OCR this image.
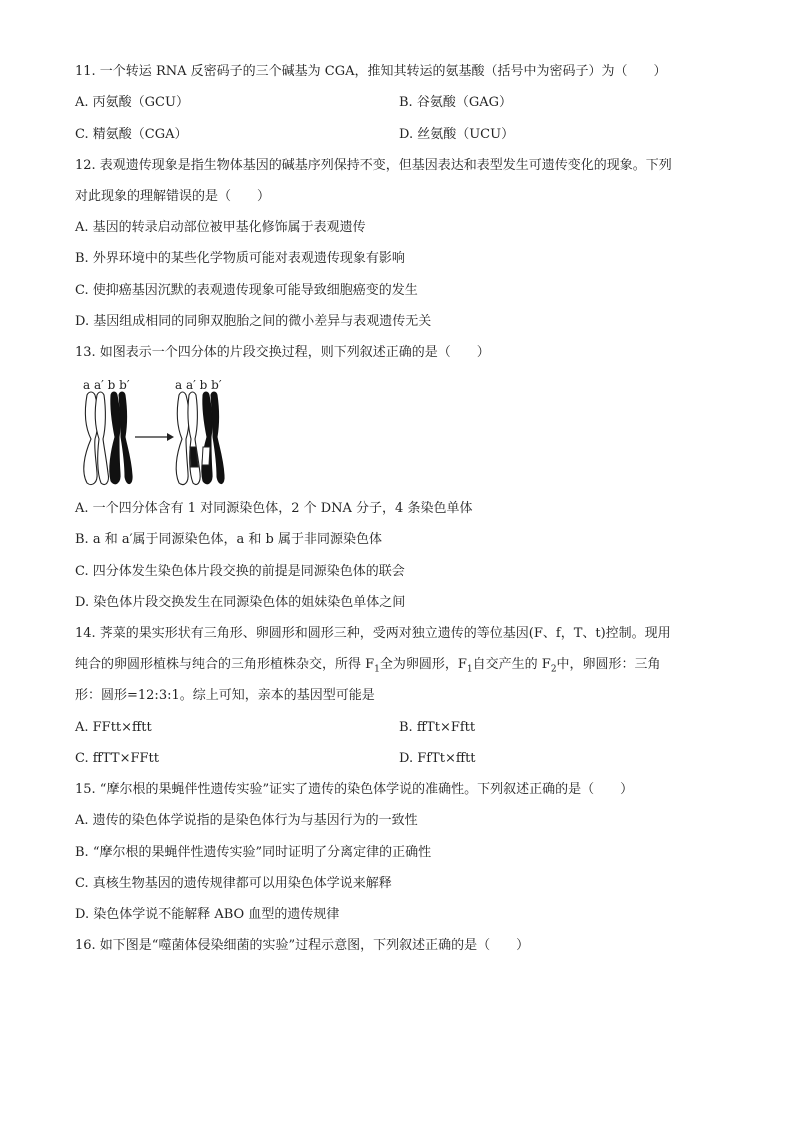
11. 一个转运 RNA 反密码子的三个碱基为 CGA，推知其转运的氨基酸（括号中为密码子）为（　　）
A. 丙氨酸（GCU）	B. 谷氨酸（GAG）
C. 精氨酸（CGA）	D. 丝氨酸（UCU）
12. 表观遗传现象是指生物体基因的碱基序列保持不变，但基因表达和表型发生可遗传变化的现象。下列
对此现象的理解错误的是（　　）
A. 基因的转录启动部位被甲基化修饰属于表观遗传
B. 外界环境中的某些化学物质可能对表观遗传现象有影响
C. 使抑癌基因沉默的表观遗传现象可能导致细胞癌变的发生
D. 基因组成相同的同卵双胞胎之间的微小差异与表观遗传无关
13. 如图表示一个四分体的片段交换过程，则下列叙述正确的是（　　）
a a′ b b′	a a′ b b′
A. 一个四分体含有 1 对同源染色体，2 个 DNA 分子，4 条染色单体
B. a 和 a′属于同源染色体，a 和 b 属于非同源染色体
C. 四分体发生染色体片段交换的前提是同源染色体的联会
D. 染色体片段交换发生在同源染色体的姐妹染色单体之间
14. 荠菜的果实形状有三角形、卵圆形和圆形三种，受两对独立遗传的等位基因(F、f，T、t)控制。现用
纯合的卵圆形植株与纯合的三角形植株杂交，所得 $F_1$全为卵圆形，$F_1$自交产生的 $F_2$中，卵圆形：三角
形：圆形=12:3:1。综上可知，亲本的基因型可能是
A. FFtt×fftt	B. ffTt×Fftt
C. ffTT×FFtt	D. FfTt×fftt
15. “摩尔根的果蝇伴性遗传实验”证实了遗传的染色体学说的准确性。下列叙述正确的是（　　）
A. 遗传的染色体学说指的是染色体行为与基因行为的一致性
B. “摩尔根的果蝇伴性遗传实验”同时证明了分离定律的正确性
C. 真核生物基因的遗传规律都可以用染色体学说来解释
D. 染色体学说不能解释 ABO 血型的遗传规律
16. 如下图是“噬菌体侵染细菌的实验”过程示意图，下列叙述正确的是（　　）
